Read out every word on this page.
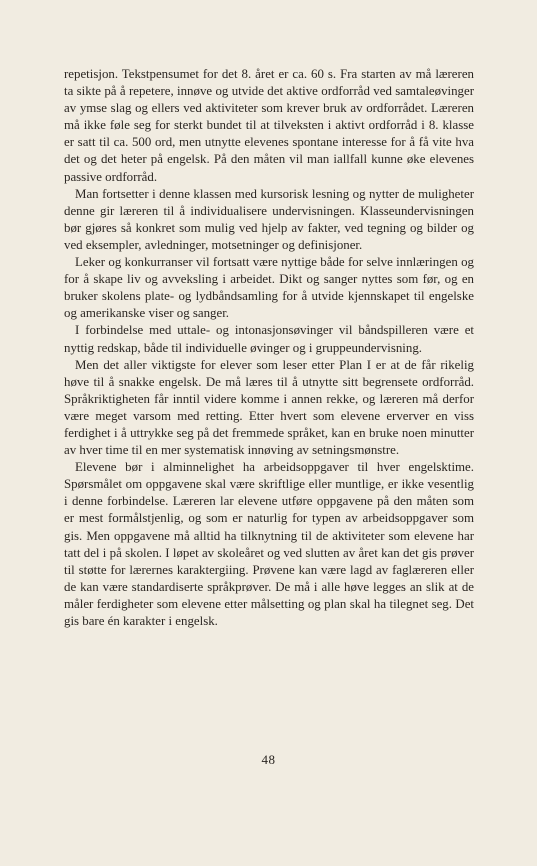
repetisjon. Tekstpensumet for det 8. året er ca. 60 s. Fra starten av må læreren ta sikte på å repetere, innøve og utvide det aktive ordforråd ved samtaleøvinger av ymse slag og ellers ved aktiviteter som krever bruk av ordforrådet. Læreren må ikke føle seg for sterkt bundet til at tilveksten i aktivt ordforråd i 8. klasse er satt til ca. 500 ord, men utnytte elevenes spontane interesse for å få vite hva det og det heter på engelsk. På den måten vil man iallfall kunne øke elevenes passive ordforråd.

Man fortsetter i denne klassen med kursorisk lesning og nytter de muligheter denne gir læreren til å individualisere undervisningen. Klasseundervisningen bør gjøres så konkret som mulig ved hjelp av fakter, ved tegning og bilder og ved eksempler, avledninger, motsetninger og definisjoner.

Leker og konkurranser vil fortsatt være nyttige både for selve innlæringen og for å skape liv og avveksling i arbeidet. Dikt og sanger nyttes som før, og en bruker skolens plate- og lydbåndsamling for å utvide kjennskapet til engelske og amerikanske viser og sanger.

I forbindelse med uttale- og intonasjonsøvinger vil båndspilleren være et nyttig redskap, både til individuelle øvinger og i gruppeundervisning.

Men det aller viktigste for elever som leser etter Plan I er at de får rikelig høve til å snakke engelsk. De må læres til å utnytte sitt begrensete ordforråd. Språkriktigheten får inntil videre komme i annen rekke, og læreren må derfor være meget varsom med retting. Etter hvert som elevene erverver en viss ferdighet i å uttrykke seg på det fremmede språket, kan en bruke noen minutter av hver time til en mer systematisk innøving av setningsmønstre.

Elevene bør i alminnelighet ha arbeidsoppgaver til hver engelsktime. Spørsmålet om oppgavene skal være skriftlige eller muntlige, er ikke vesentlig i denne forbindelse. Læreren lar elevene utføre oppgavene på den måten som er mest formålstjenlig, og som er naturlig for typen av arbeidsoppgaver som gis. Men oppgavene må alltid ha tilknytning til de aktiviteter som elevene har tatt del i på skolen. I løpet av skoleåret og ved slutten av året kan det gis prøver til støtte for lærernes karaktergiing. Prøvene kan være lagd av faglæreren eller de kan være standardiserte språkprøver. De må i alle høve legges an slik at de måler ferdigheter som elevene etter målsetting og plan skal ha tilegnet seg. Det gis bare én karakter i engelsk.

48
